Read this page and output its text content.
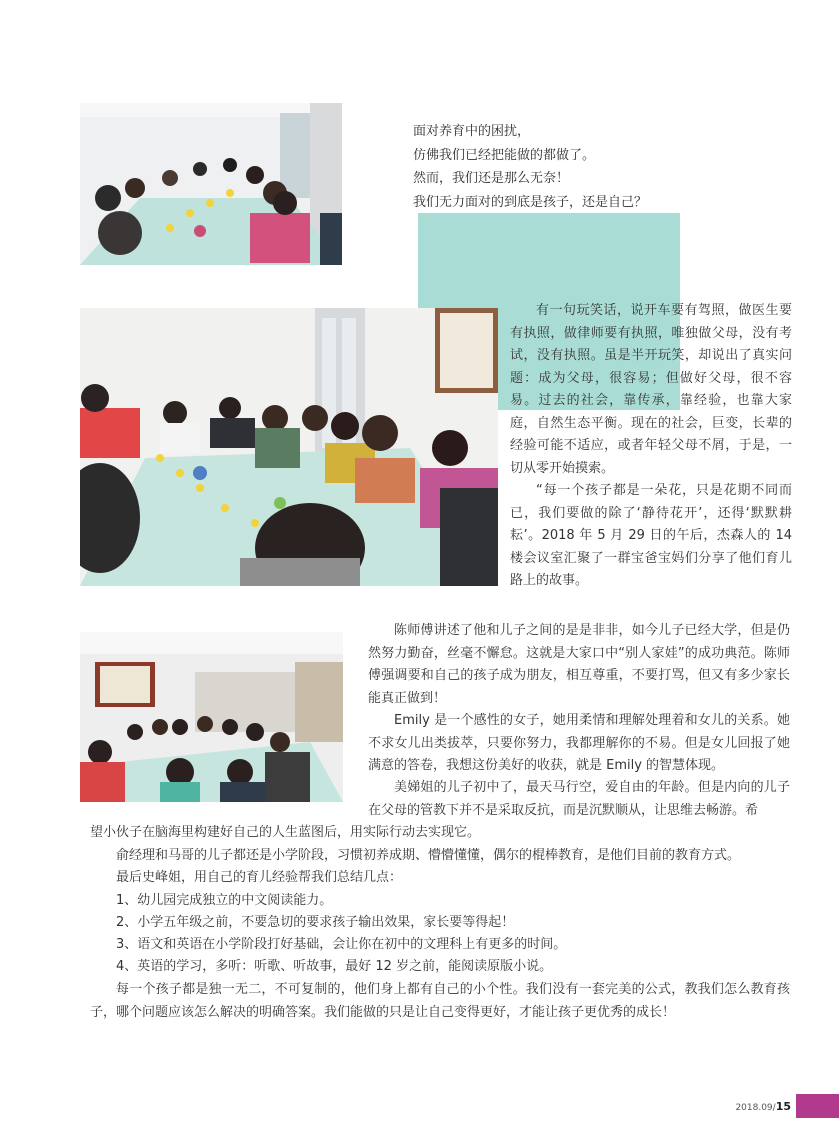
面对养育中的困扰，

仿佛我们已经把能做的都做了。

然而，我们还是那么无奈！

我们无力面对的到底是孩子，还是自己？

有一句玩笑话，说开车要有驾照，做医生要有执照，做律师要有执照，唯独做父母，没有考试，没有执照。虽是半开玩笑，却说出了真实问题：成为父母，很容易；但做好父母，很不容易。过去的社会，靠传承，靠经验，也靠大家庭，自然生态平衡。现在的社会，巨变，长辈的经验可能不适应，或者年轻父母不屑，于是，一切从零开始摸索。

“每一个孩子都是一朵花，只是花期不同而已，我们要做的除了‘静待花开’，还得‘默默耕耘’。2018 年 5 月 29 日的午后，杰森人的 14 楼会议室汇聚了一群宝爸宝妈们分享了他们育儿路上的故事。

陈师傅讲述了他和儿子之间的是是非非，如今儿子已经大学，但是仍然努力勤奋，丝毫不懈怠。这就是大家口中“别人家娃”的成功典范。陈师傅强调要和自己的孩子成为朋友，相互尊重，不要打骂，但又有多少家长能真正做到！

Emily 是一个感性的女子，她用柔情和理解处理着和女儿的关系。她不求女儿出类拔萃，只要你努力，我都理解你的不易。但是女儿回报了她满意的答卷，我想这份美好的收获，就是 Emily 的智慧体现。

美娣姐的儿子初中了，最天马行空，爱自由的年龄。但是内向的儿子在父母的管教下并不是采取反抗，而是沉默顺从，让思维去畅游。希

望小伙子在脑海里构建好自己的人生蓝图后，用实际行动去实现它。

俞经理和马哥的儿子都还是小学阶段，习惯初养成期、懵懵懂懂，偶尔的棍棒教育，是他们目前的教育方式。

最后史峰姐，用自己的育儿经验帮我们总结几点：

1、幼儿园完成独立的中文阅读能力。

2、小学五年级之前，不要急切的要求孩子输出效果，家长要等得起！

3、语文和英语在小学阶段打好基础，会让你在初中的文理科上有更多的时间。

4、英语的学习，多听：听歌、听故事，最好 12 岁之前，能阅读原版小说。

每一个孩子都是独一无二，不可复制的，他们身上都有自己的小个性。我们没有一套完美的公式，教我们怎么教育孩子，哪个问题应该怎么解决的明确答案。我们能做的只是让自己变得更好，才能让孩子更优秀的成长！

2018.09/15
